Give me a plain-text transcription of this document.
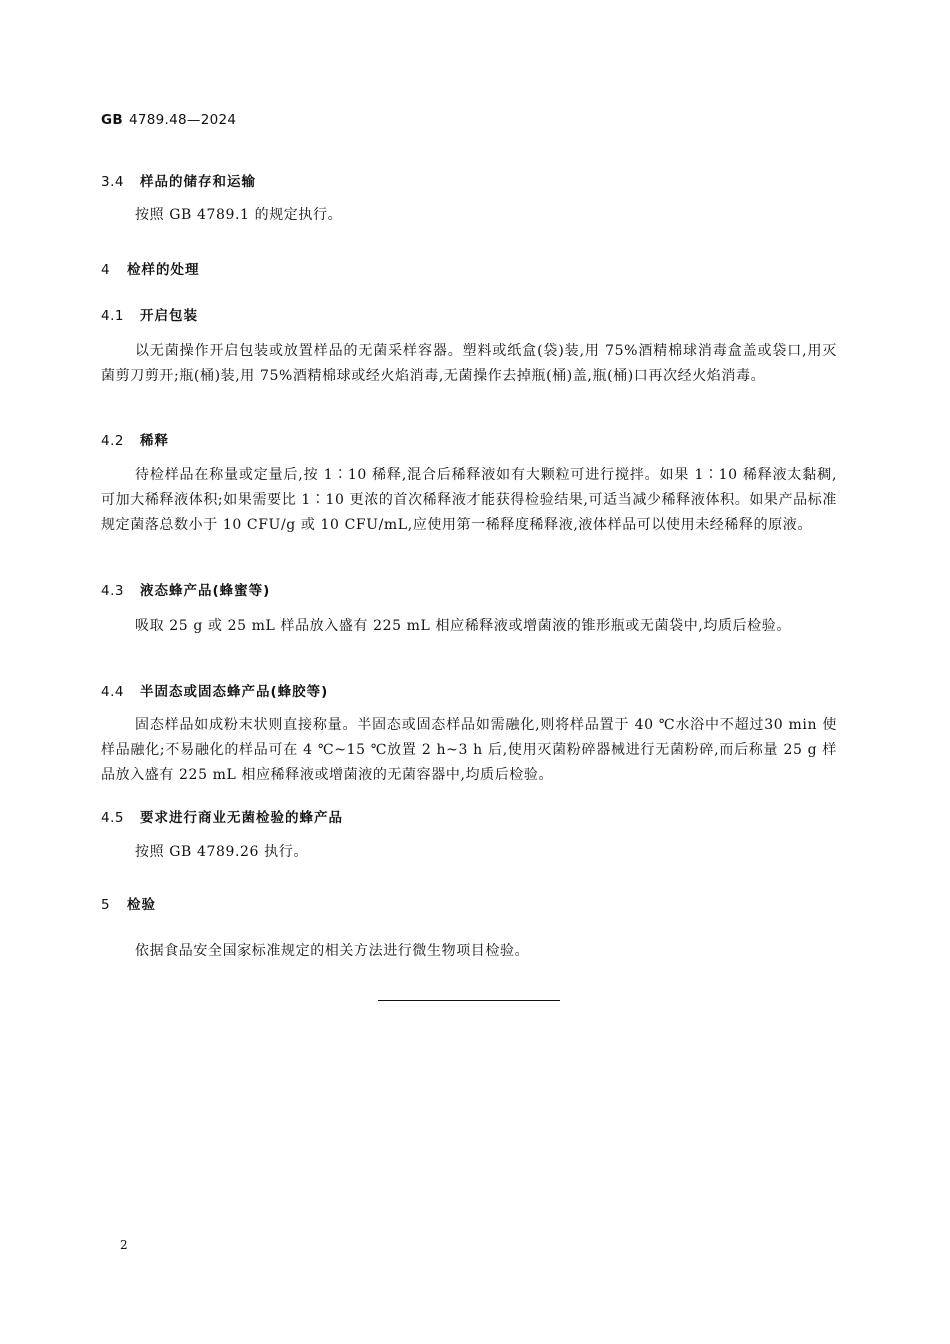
GB 4789.48—2024
3.4 样品的储存和运输

按照 GB 4789.1 的规定执行。

4 检样的处理
4.1 开启包装

以无菌操作开启包装或放置样品的无菌采样容器。塑料或纸盒(袋)装,用 75%酒精棉球消毒盒盖或袋口,用灭菌剪刀剪开;瓶(桶)装,用 75%酒精棉球或经火焰消毒,无菌操作去掉瓶(桶)盖,瓶(桶)口再次经火焰消毒。

4.2 稀释

待检样品在称量或定量后,按 1∶10 稀释,混合后稀释液如有大颗粒可进行搅拌。如果 1∶10 稀释液太黏稠,可加大稀释液体积;如果需要比 1∶10 更浓的首次稀释液才能获得检验结果,可适当减少稀释液体积。如果产品标准规定菌落总数小于 10 CFU/g 或 10 CFU/mL,应使用第一稀释度稀释液,液体样品可以使用未经稀释的原液。

4.3 液态蜂产品(蜂蜜等)

吸取 25 g 或 25 mL 样品放入盛有 225 mL 相应稀释液或增菌液的锥形瓶或无菌袋中,均质后检验。

4.4 半固态或固态蜂产品(蜂胶等)

固态样品如成粉末状则直接称量。半固态或固态样品如需融化,则将样品置于 40 ℃水浴中不超过30 min 使样品融化;不易融化的样品可在 4 ℃~15 ℃放置 2 h~3 h 后,使用灭菌粉碎器械进行无菌粉碎,而后称量 25 g 样品放入盛有 225 mL 相应稀释液或增菌液的无菌容器中,均质后检验。

4.5 要求进行商业无菌检验的蜂产品

按照 GB 4789.26 执行。

5 检验

依据食品安全国家标准规定的相关方法进行微生物项目检验。

2
